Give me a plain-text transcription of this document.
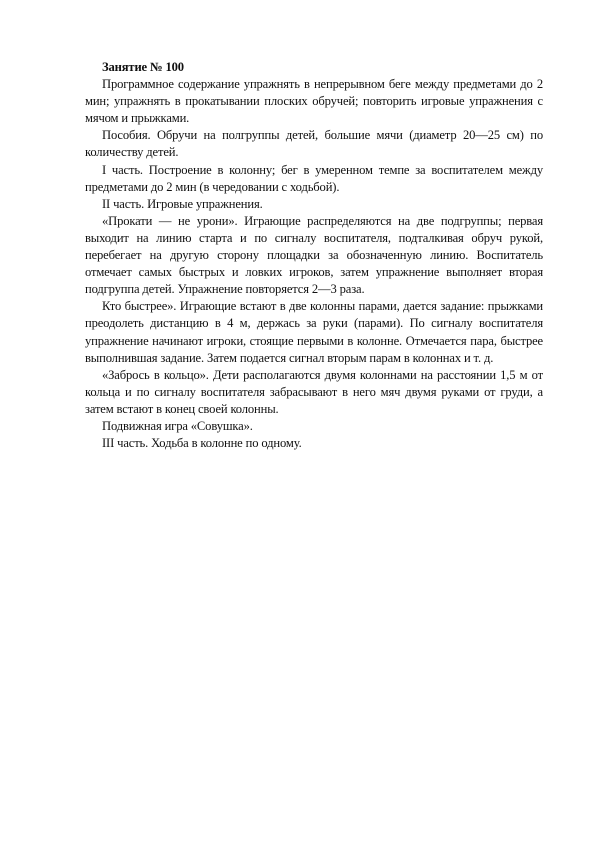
Занятие № 100

Программное содержание упражнять в непрерывном беге между предметами до 2 мин; упражнять в прокатывании плоских обручей; повторить игровые упражнения с мячом и прыжками.

Пособия. Обручи на полгруппы детей, большие мячи (диаметр 20—25 см) по количеству детей.

I часть. Построение в колонну; бег в умеренном темпе за воспитателем между предметами до 2 мин (в чередовании с ходьбой).

II часть. Игровые упражнения.

«Прокати — не урони». Играющие распределяются на две подгруппы; первая выходит на линию старта и по сигналу воспитателя, подталкивая обруч рукой, перебегает на другую сторону площадки за обозначенную линию. Воспитатель отмечает самых быстрых и ловких игроков, затем упражнение выполняет вторая подгруппа детей. Упражнение повторяется 2—3 раза.

Кто быстрее». Играющие встают в две колонны парами, дается задание: прыжками преодолеть дистанцию в 4 м, держась за руки (парами). По сигналу воспитателя упражнение начинают игроки, стоящие первыми в колонне. Отмечается пара, быстрее выполнившая задание. Затем подается сигнал вторым парам в колоннах и т. д.

«Забрось в кольцо». Дети располагаются двумя колоннами на расстоянии 1,5 м от кольца и по сигналу воспитателя забрасывают в него мяч двумя руками от груди, а затем встают в конец своей колонны.

Подвижная игра «Совушка».

III часть. Ходьба в колонне по одному.
